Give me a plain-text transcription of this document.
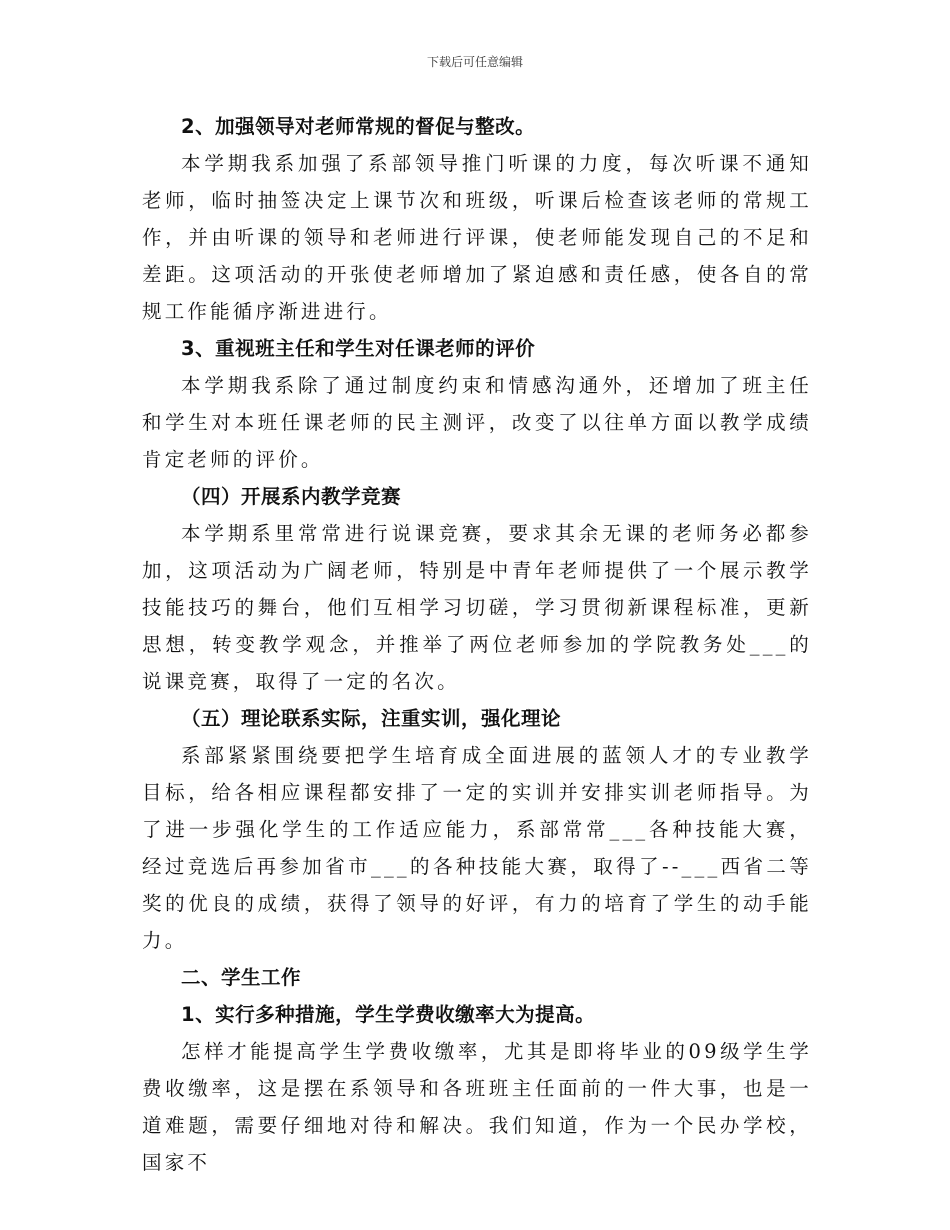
下载后可任意编辑

2、加强领导对老师常规的督促与整改。

本学期我系加强了系部领导推门听课的力度，每次听课不通知老师，临时抽签决定上课节次和班级，听课后检查该老师的常规工作，并由听课的领导和老师进行评课，使老师能发现自己的不足和差距。这项活动的开张使老师增加了紧迫感和责任感，使各自的常规工作能循序渐进进行。

3、重视班主任和学生对任课老师的评价

本学期我系除了通过制度约束和情感沟通外，还增加了班主任和学生对本班任课老师的民主测评，改变了以往单方面以教学成绩肯定老师的评价。

（四）开展系内教学竞赛

本学期系里常常进行说课竞赛，要求其余无课的老师务必都参加，这项活动为广阔老师，特别是中青年老师提供了一个展示教学技能技巧的舞台，他们互相学习切磋，学习贯彻新课程标准，更新思想，转变教学观念，并推举了两位老师参加的学院教务处___的说课竞赛，取得了一定的名次。

（五）理论联系实际，注重实训，强化理论

系部紧紧围绕要把学生培育成全面进展的蓝领人才的专业教学目标，给各相应课程都安排了一定的实训并安排实训老师指导。为了进一步强化学生的工作适应能力，系部常常___各种技能大赛，经过竞选后再参加省市___的各种技能大赛，取得了--___西省二等奖的优良的成绩，获得了领导的好评，有力的培育了学生的动手能力。

二、学生工作

1、实行多种措施，学生学费收缴率大为提高。

怎样才能提高学生学费收缴率，尤其是即将毕业的09级学生学费收缴率，这是摆在系领导和各班班主任面前的一件大事，也是一道难题，需要仔细地对待和解决。我们知道，作为一个民办学校，国家不
